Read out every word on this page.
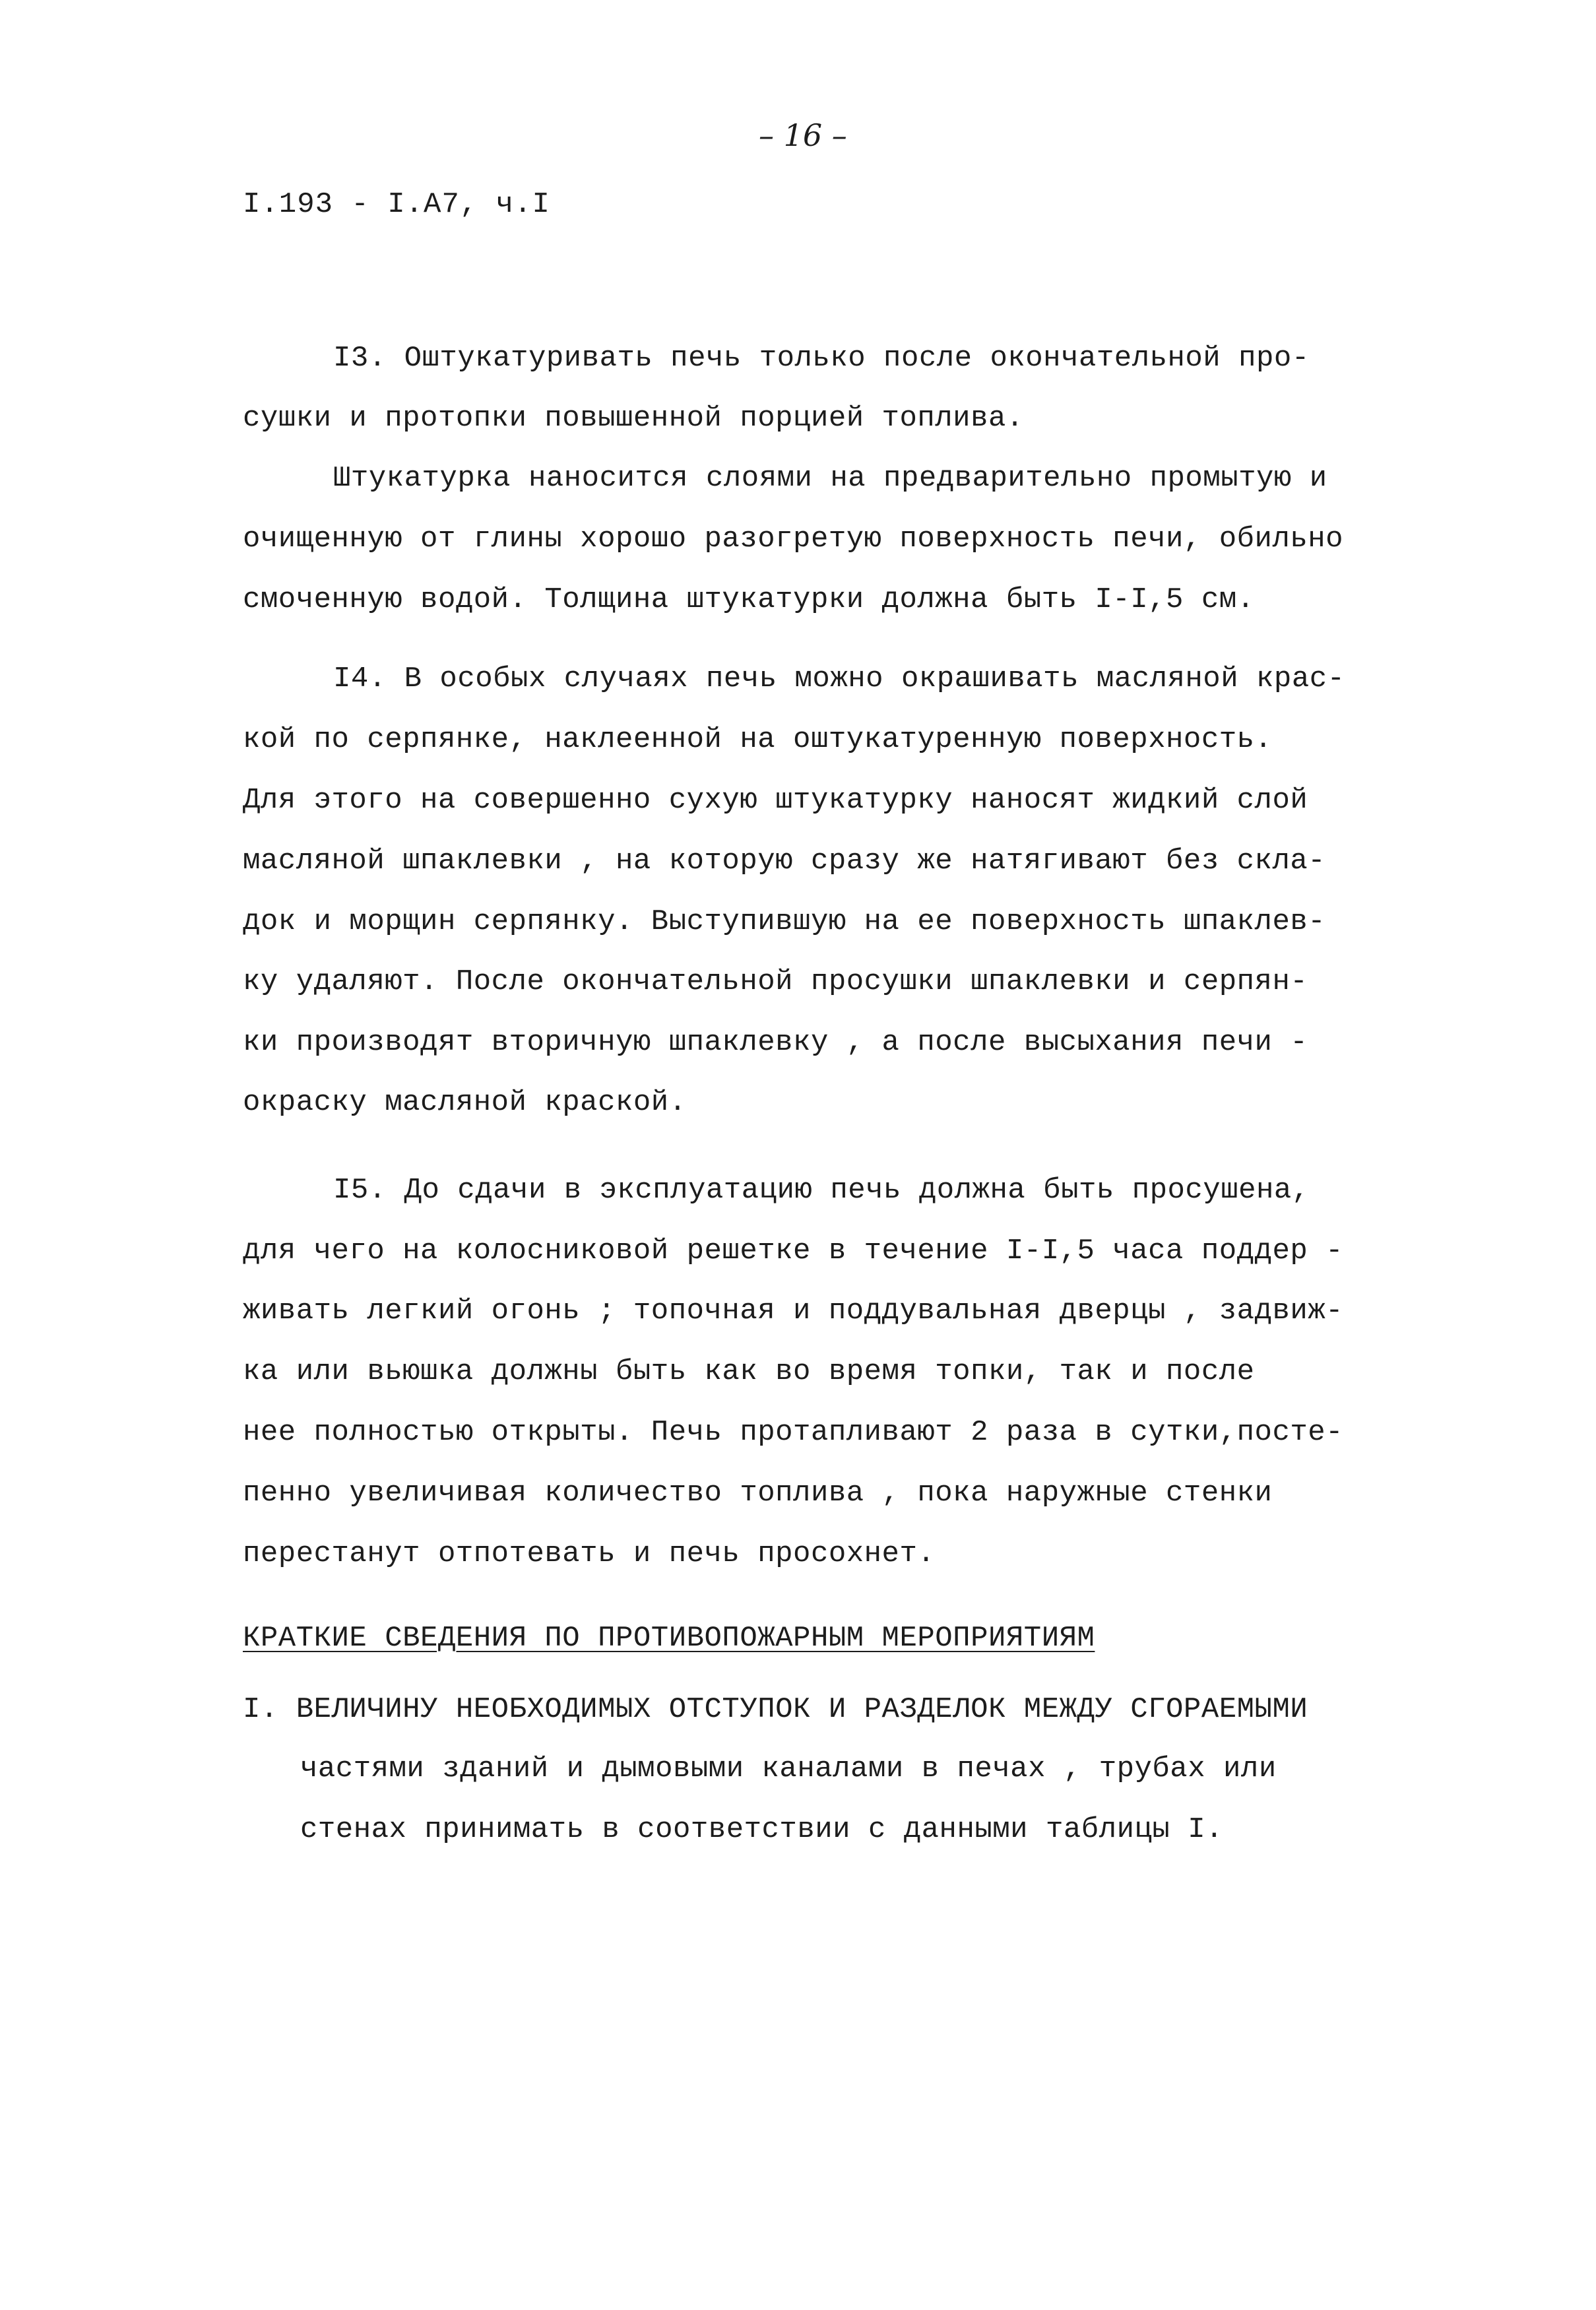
– 16 –
I.193 - I.A7, ч.I
I3. Оштукатуривать печь только после окончательной про-
сушки и протопки повышенной порцией топлива.
Штукатурка наносится слоями на предварительно промытую и
очищенную от глины хорошо разогретую поверхность печи, обильно
смоченную водой. Толщина штукатурки должна быть I-I,5 см.
I4. В особых случаях печь можно окрашивать масляной крас-
кой по серпянке, наклеенной на оштукатуренную поверхность.
Для этого на совершенно сухую штукатурку наносят жидкий слой
масляной шпаклевки , на которую сразу же натягивают без скла-
док и морщин серпянку. Выступившую на ее поверхность шпаклев-
ку удаляют. После окончательной просушки шпаклевки и серпян-
ки производят вторичную шпаклевку , а после высыхания печи -
окраску масляной краской.
I5. До сдачи в эксплуатацию печь должна быть просушена,
для чего на колосниковой решетке в течение I-I,5 часа поддер -
живать легкий огонь ; топочная и поддувальная дверцы , задвиж-
ка или вьюшка должны быть как во время топки, так и после
нее полностью открыты. Печь протапливают 2 раза в сутки,посте-
пенно увеличивая количество топлива , пока наружные стенки
перестанут отпотевать и печь просохнет.
КРАТКИЕ СВЕДЕНИЯ ПО ПРОТИВОПОЖАРНЫМ МЕРОПРИЯТИЯМ
I. ВЕЛИЧИНУ НЕОБХОДИМЫХ ОТСТУПОК И РАЗДЕЛОК МЕЖДУ СГОРАЕМЫМИ
частями зданий и дымовыми каналами в печах , трубах или
стенах принимать в соответствии с данными таблицы I.
